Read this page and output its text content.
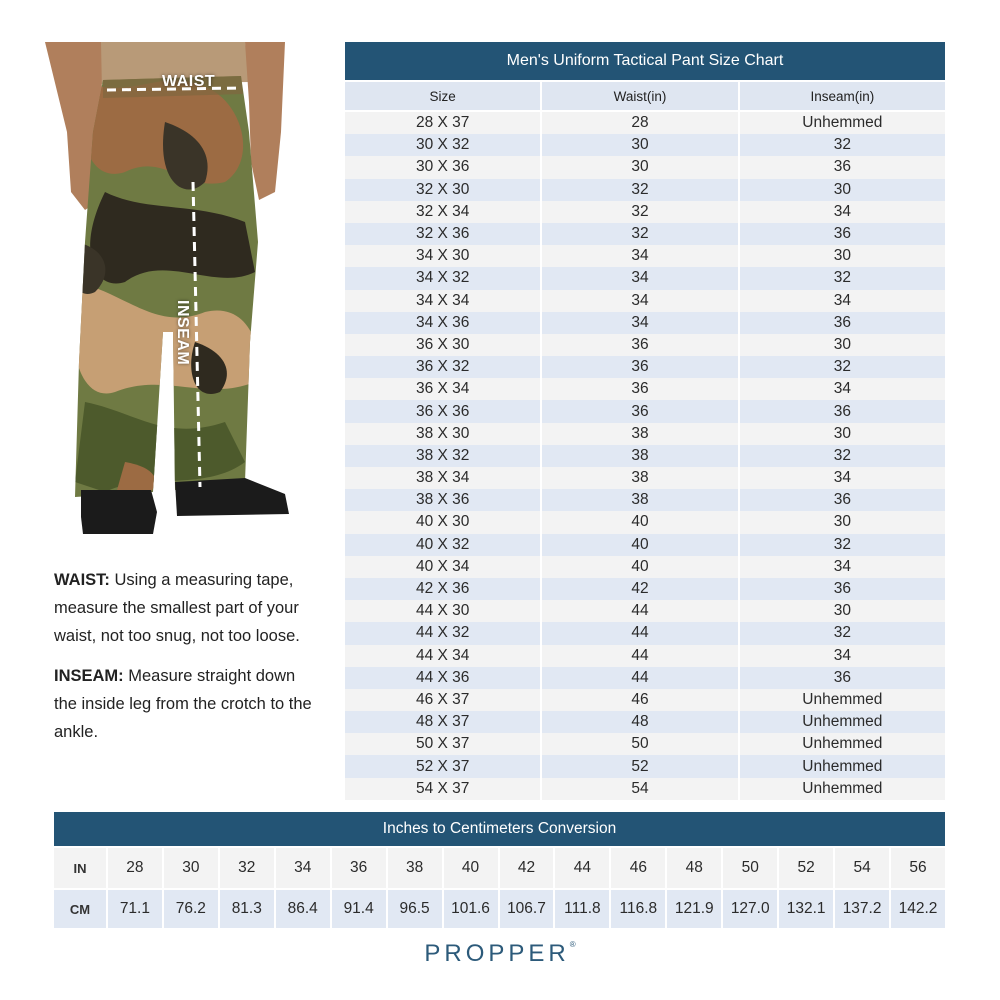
WAIST
INSEAM

WAIST: Using a measuring tape, measure the smallest part of your waist, not too snug, not too loose.

INSEAM: Measure straight down the inside leg from the crotch to the ankle.

Men's Uniform Tactical Pant Size Chart
Size	Waist(in)	Inseam(in)
28 X 37	28	Unhemmed
30 X 32	30	32
30 X 36	30	36
32 X 30	32	30
32 X 34	32	34
32 X 36	32	36
34 X 30	34	30
34 X 32	34	32
34 X 34	34	34
34 X 36	34	36
36 X 30	36	30
36 X 32	36	32
36 X 34	36	34
36 X 36	36	36
38 X 30	38	30
38 X 32	38	32
38 X 34	38	34
38 X 36	38	36
40 X 30	40	30
40 X 32	40	32
40 X 34	40	34
42 X 36	42	36
44 X 30	44	30
44 X 32	44	32
44 X 34	44	34
44 X 36	44	36
46 X 37	46	Unhemmed
48 X 37	48	Unhemmed
50 X 37	50	Unhemmed
52 X 37	52	Unhemmed
54 X 37	54	Unhemmed
Inches to Centimeters Conversion
IN	28	30	32	34	36	38	40	42	44	46	48	50	52	54	56
CM	71.1	76.2	81.3	86.4	91.4	96.5	101.6	106.7	111.8	116.8	121.9	127.0	132.1	137.2	142.2
PROPPER®
